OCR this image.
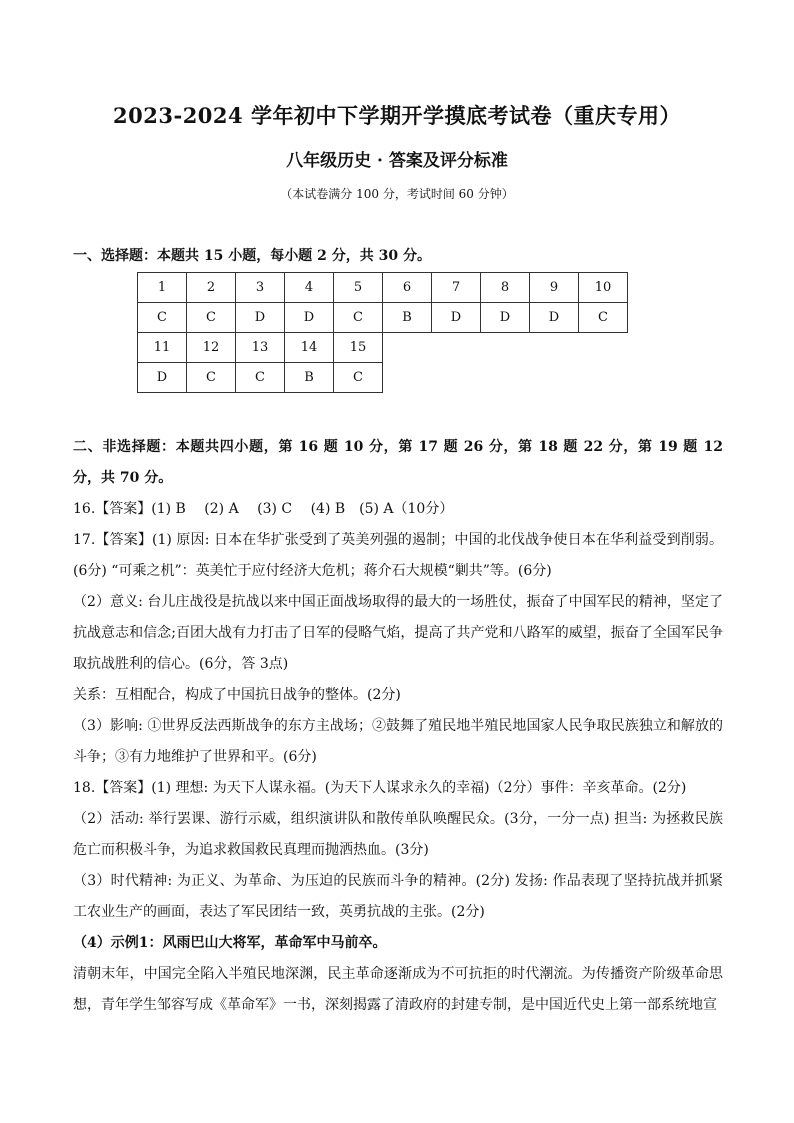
2023-2024 学年初中下学期开学摸底考试卷（重庆专用）
八年级历史 · 答案及评分标准
（本试卷满分 100 分，考试时间 60 分钟）
一、选择题：本题共 15 小题，每小题 2 分，共 30 分。
1	2	3	4	5	6	7	8	9	10
C	C	D	D	C	B	D	D	D	C
11	12	13	14	15					
D	C	C	B	C					

二、非选择题：本题共四小题，第 16 题 10 分，第 17 题 26 分，第 18 题 22 分，第 19 题 12 分，共 70 分。

16.【答案】(1) B　 (2) A　 (3) C　 (4) B　(5) A（10分）

17.【答案】(1) 原因: 日本在华扩张受到了英美列强的遏制；中国的北伐战争使日本在华利益受到削弱。(6分) “可乘之机”：英美忙于应付经济大危机；蒋介石大规模“剿共”等。(6分)

（2）意义: 台儿庄战役是抗战以来中国正面战场取得的最大的一场胜仗，振奋了中国军民的精神，坚定了抗战意志和信念;百团大战有力打击了日军的侵略气焰，提高了共产党和八路军的威望，振奋了全国军民争取抗战胜利的信心。(6分，答 3点)

关系：互相配合，构成了中国抗日战争的整体。(2分)

（3）影响: ①世界反法西斯战争的东方主战场；②鼓舞了殖民地半殖民地国家人民争取民族独立和解放的斗争；③有力地维护了世界和平。(6分)

18.【答案】(1) 理想: 为天下人谋永福。(为天下人谋求永久的幸福)（2分）事件：辛亥革命。(2分)

（2）活动: 举行罢课、游行示威，组织演讲队和散传单队唤醒民众。(3分，一分一点) 担当: 为拯救民族危亡而积极斗争，为追求救国救民真理而抛洒热血。(3分)

（3）时代精神: 为正义、为革命、为压迫的民族而斗争的精神。(2分) 发扬: 作品表现了坚持抗战并抓紧工农业生产的画面，表达了军民团结一致，英勇抗战的主张。(2分)

（4）示例1：风雨巴山大将军，革命军中马前卒。

清朝末年，中国完全陷入半殖民地深渊，民主革命逐渐成为不可抗拒的时代潮流。为传播资产阶级革命思想，青年学生邹容写成《革命军》一书，深刻揭露了清政府的封建专制，是中国近代史上第一部系统地宣
